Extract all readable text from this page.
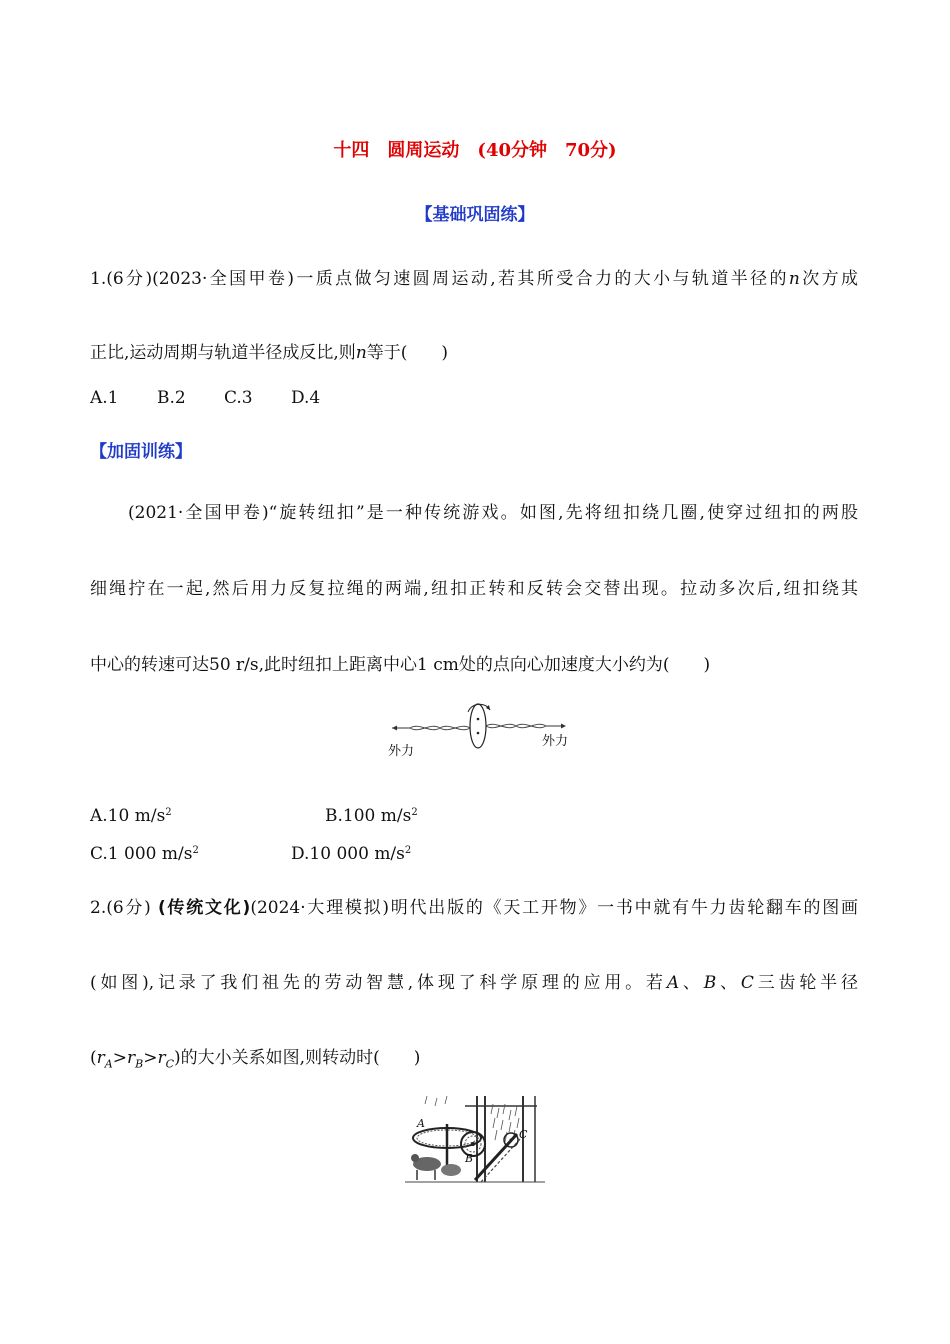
十四　圆周运动　(40分钟　70分)
【基础巩固练】
1.(6分)(2023·全国甲卷)一质点做匀速圆周运动,若其所受合力的大小与轨道半径的n次方成
正比,运动周期与轨道半径成反比,则n等于(　　)
A.1 B.2 C.3 D.4
【加固训练】
(2021·全国甲卷)“旋转纽扣”是一种传统游戏。如图,先将纽扣绕几圈,使穿过纽扣的两股
细绳拧在一起,然后用力反复拉绳的两端,纽扣正转和反转会交替出现。拉动多次后,纽扣绕其
中心的转速可达50 r/s,此时纽扣上距离中心1 cm处的点向心加速度大小约为(　　)
外力
外力
A.10 $m/s^2$	B.100 $m/s^2$
C.1 000 $m/s^2$	D.10 000 $m/s^2$
2.(6分) (传统文化)(2024·大理模拟)明代出版的《天工开物》一书中就有牛力齿轮翻车的图画
(如图),记录了我们祖先的劳动智慧,体现了科学原理的应用。若A、B、C三齿轮半径
$(r_A>r_B>r_C)$的大小关系如图,则转动时(　　)
A
B
C
